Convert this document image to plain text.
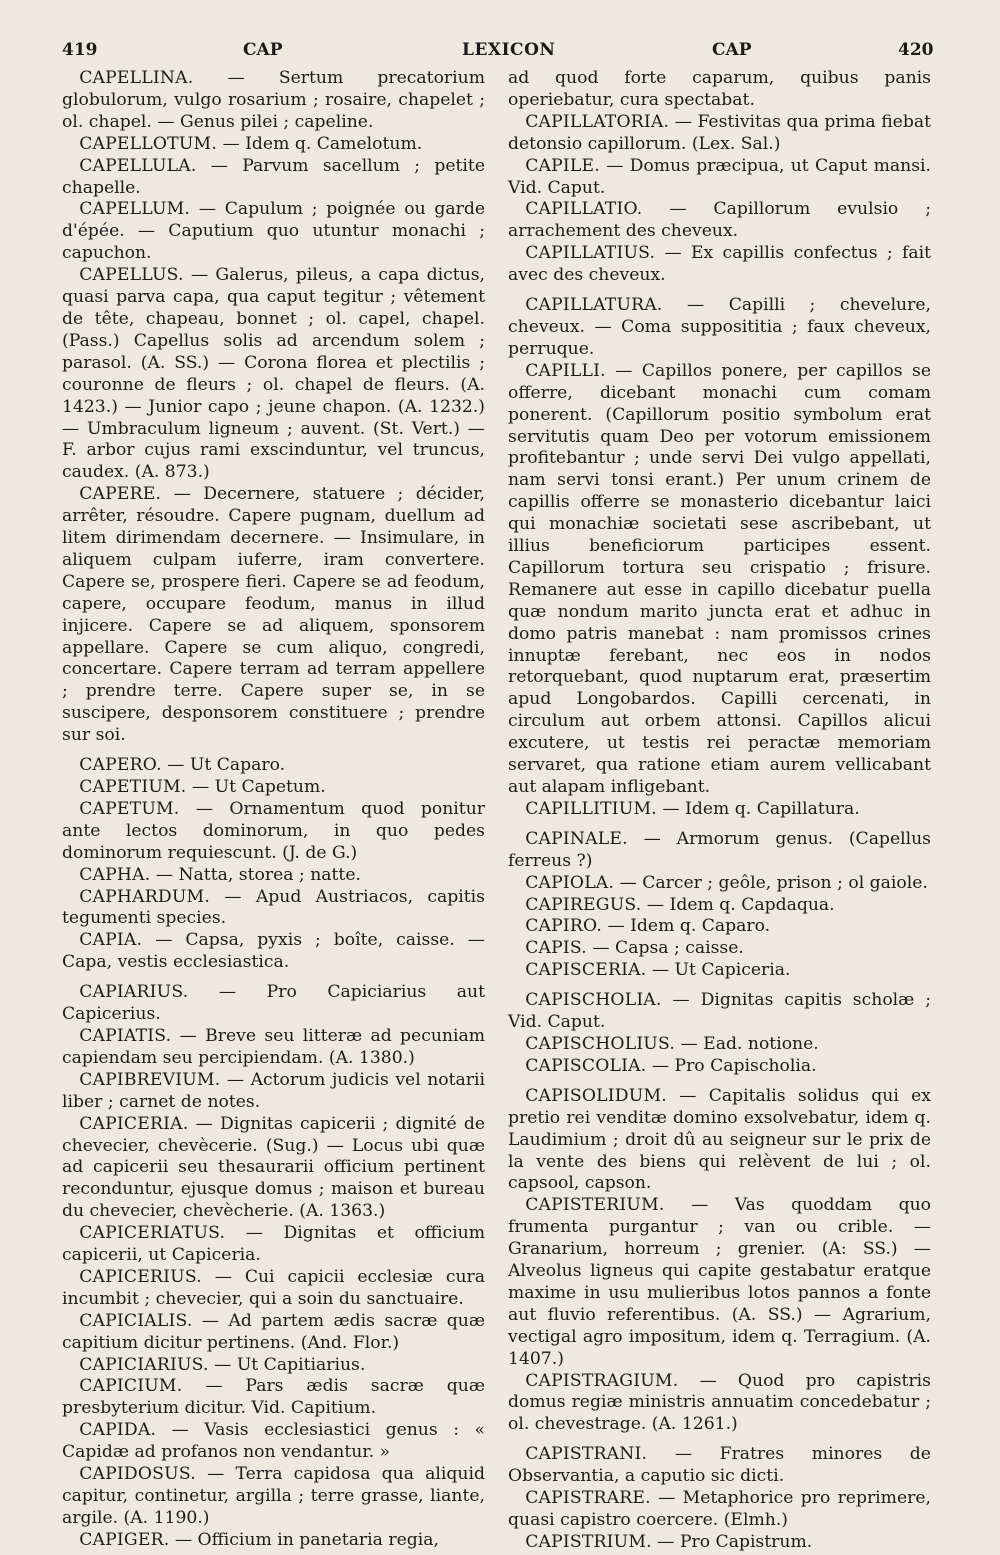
419	CAP	LEXICON	CAP	420

CAPELLINA. — Sertum precatorium globulorum, vulgo rosarium ; rosaire, chapelet ; ol. chapel. — Genus pilei ; capeline.

CAPELLOTUM. — Idem q. Camelotum.

CAPELLULA. — Parvum sacellum ; petite chapelle.

CAPELLUM. — Capulum ; poignée ou garde d'épée. — Caputium quo utuntur monachi ; capuchon.

CAPELLUS. — Galerus, pileus, a capa dictus, quasi parva capa, qua caput tegitur ; vêtement de tête, chapeau, bonnet ; ol. capel, chapel. (Pass.) Capellus solis ad arcendum solem ; parasol. (A. SS.) — Corona florea et plectilis ; couronne de fleurs ; ol. chapel de fleurs. (A. 1423.) — Junior capo ; jeune chapon. (A. 1232.) — Umbraculum ligneum ; auvent. (St. Vert.) — F. arbor cujus rami exscinduntur, vel truncus, caudex. (A. 873.)

CAPERE. — Decernere, statuere ; décider, arrêter, résoudre. Capere pugnam, duellum ad litem dirimendam decernere. — Insimulare, in aliquem culpam iuferre, iram convertere. Capere se, prospere fieri. Capere se ad feodum, capere, occupare feodum, manus in illud injicere. Capere se ad aliquem, sponsorem appellare. Capere se cum aliquo, congredi, concertare. Capere terram ad terram appellere ; prendre terre. Capere super se, in se suscipere, desponsorem constituere ; prendre sur soi.

CAPERO. — Ut Caparo.

CAPETIUM. — Ut Capetum.

CAPETUM. — Ornamentum quod ponitur ante lectos dominorum, in quo pedes dominorum requiescunt. (J. de G.)

CAPHA. — Natta, storea ; natte.

CAPHARDUM. — Apud Austriacos, capitis tegumenti species.

CAPIA. — Capsa, pyxis ; boîte, caisse. — Capa, vestis ecclesiastica.

CAPIARIUS. — Pro Capiciarius aut Capicerius.

CAPIATIS. — Breve seu litteræ ad pecuniam capiendam seu percipiendam. (A. 1380.)

CAPIBREVIUM. — Actorum judicis vel notarii liber ; carnet de notes.

CAPICERIA. — Dignitas capicerii ; dignité de chevecier, chevècerie. (Sug.) — Locus ubi quæ ad capicerii seu thesaurarii officium pertinent reconduntur, ejusque domus ; maison et bureau du chevecier, chevècherie. (A. 1363.)

CAPICERIATUS. — Dignitas et officium capicerii, ut Capiceria.

CAPICERIUS. — Cui capicii ecclesiæ cura incumbit ; chevecier, qui a soin du sanctuaire.

CAPICIALIS. — Ad partem ædis sacræ quæ capitium dicitur pertinens. (And. Flor.)

CAPICIARIUS. — Ut Capitiarius.

CAPICIUM. — Pars ædis sacræ quæ presbyterium dicitur. Vid. Capitium.

CAPIDA. — Vasis ecclesiastici genus : « Capidæ ad profanos non vendantur. »

CAPIDOSUS. — Terra capidosa qua aliquid capitur, continetur, argilla ; terre grasse, liante, argile. (A. 1190.)

CAPIGER. — Officium in panetaria regia,

ad quod forte caparum, quibus panis operiebatur, cura spectabat.

CAPILLATORIA. — Festivitas qua prima fiebat detonsio capillorum. (Lex. Sal.)

CAPILE. — Domus præcipua, ut Caput mansi. Vid. Caput.

CAPILLATIO. — Capillorum evulsio ; arrachement des cheveux.

CAPILLATIUS. — Ex capillis confectus ; fait avec des cheveux.

CAPILLATURA. — Capilli ; chevelure, cheveux. — Coma supposititia ; faux cheveux, perruque.

CAPILLI. — Capillos ponere, per capillos se offerre, dicebant monachi cum comam ponerent. (Capillorum positio symbolum erat servitutis quam Deo per votorum emissionem profitebantur ; unde servi Dei vulgo appellati, nam servi tonsi erant.) Per unum crinem de capillis offerre se monasterio dicebantur laici qui monachiæ societati sese ascribebant, ut illius beneficiorum participes essent. Capillorum tortura seu crispatio ; frisure. Remanere aut esse in capillo dicebatur puella quæ nondum marito juncta erat et adhuc in domo patris manebat : nam promissos crines innuptæ ferebant, nec eos in nodos retorquebant, quod nuptarum erat, præsertim apud Longobardos. Capilli cercenati, in circulum aut orbem attonsi. Capillos alicui excutere, ut testis rei peractæ memoriam servaret, qua ratione etiam aurem vellicabant aut alapam infligebant.

CAPILLITIUM. — Idem q. Capillatura.

CAPINALE. — Armorum genus. (Capellus ferreus ?)

CAPIOLA. — Carcer ; geôle, prison ; ol gaiole.

CAPIREGUS. — Idem q. Capdaqua.

CAPIRO. — Idem q. Caparo.

CAPIS. — Capsa ; caisse.

CAPISCERIA. — Ut Capiceria.

CAPISCHOLIA. — Dignitas capitis scholæ ; Vid. Caput.

CAPISCHOLIUS. — Ead. notione.

CAPISCOLIA. — Pro Capischolia.

CAPISOLIDUM. — Capitalis solidus qui ex pretio rei venditæ domino exsolvebatur, idem q. Laudimium ; droit dû au seigneur sur le prix de la vente des biens qui relèvent de lui ; ol. capsool, capson.

CAPISTERIUM. — Vas quoddam quo frumenta purgantur ; van ou crible. — Granarium, horreum ; grenier. (A: SS.) — Alveolus ligneus qui capite gestabatur eratque maxime in usu mulieribus lotos pannos a fonte aut fluvio referentibus. (A. SS.) — Agrarium, vectigal agro impositum, idem q. Terragium. (A. 1407.)

CAPISTRAGIUM. — Quod pro capistris domus regiæ ministris annuatim concedebatur ; ol. chevestrage. (A. 1261.)

CAPISTRANI. — Fratres minores de Observantia, a caputio sic dicti.

CAPISTRARE. — Metaphorice pro reprimere, quasi capistro coercere. (Elmh.)

CAPISTRIUM. — Pro Capistrum.
